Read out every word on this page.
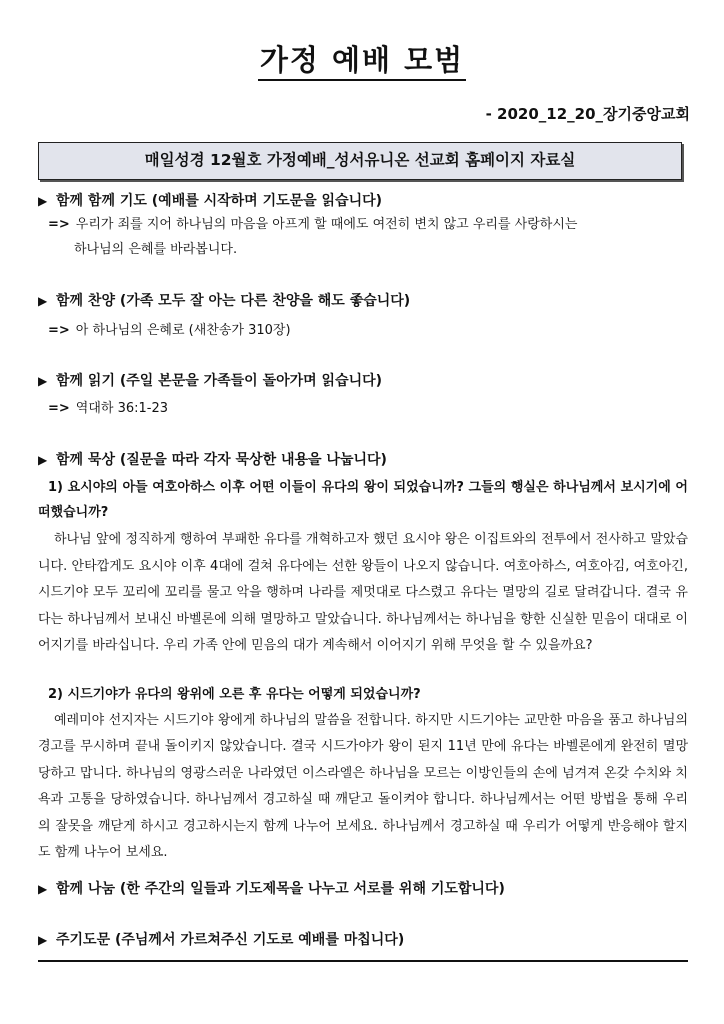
가정 예배 모범
- 2020_12_20_장기중앙교회
매일성경 12월호 가정예배_성서유니온 선교회 홈페이지 자료실
▶ 함께 함께 기도 (예배를 시작하며 기도문을 읽습니다)
=> 우리가 죄를 지어 하나님의 마음을 아프게 할 때에도 여전히 변치 않고 우리를 사랑하시는
하나님의 은혜를 바라봅니다.
▶ 함께 찬양 (가족 모두 잘 아는 다른 찬양을 해도 좋습니다)
=> 아 하나님의 은혜로 (새찬송가 310장)
▶ 함께 읽기 (주일 본문을 가족들이 돌아가며 읽습니다)
=> 역대하 36:1-23
▶ 함께 묵상 (질문을 따라 각자 묵상한 내용을 나눕니다)
1) 요시야의 아들 여호아하스 이후 어떤 이들이 유다의 왕이 되었습니까? 그들의 행실은 하나님께서 보시기에 어떠했습니까?
하나님 앞에 정직하게 행하여 부패한 유다를 개혁하고자 했던 요시야 왕은 이집트와의 전투에서 전사하고 말았습니다. 안타깝게도 요시야 이후 4대에 걸쳐 유다에는 선한 왕들이 나오지 않습니다. 여호아하스, 여호아김, 여호아긴, 시드기야 모두 꼬리에 꼬리를 물고 악을 행하며 나라를 제멋대로 다스렸고 유다는 멸망의 길로 달려갑니다. 결국 유다는 하나님께서 보내신 바벨론에 의해 멸망하고 말았습니다. 하나님께서는 하나님을 향한 신실한 믿음이 대대로 이어지기를 바라십니다. 우리 가족 안에 믿음의 대가 계속해서 이어지기 위해 무엇을 할 수 있을까요?
2) 시드기야가 유다의 왕위에 오른 후 유다는 어떻게 되었습니까?
예레미야 선지자는 시드기야 왕에게 하나님의 말씀을 전합니다. 하지만 시드기야는 교만한 마음을 품고 하나님의 경고를 무시하며 끝내 돌이키지 않았습니다. 결국 시드가야가 왕이 된지 11년 만에 유다는 바벨론에게 완전히 멸망당하고 맙니다. 하나님의 영광스러운 나라였던 이스라엘은 하나님을 모르는 이방인들의 손에 넘겨져 온갖 수치와 치욕과 고통을 당하였습니다. 하나님께서 경고하실 때 깨닫고 돌이켜야 합니다. 하나님께서는 어떤 방법을 통해 우리의 잘못을 깨닫게 하시고 경고하시는지 함께 나누어 보세요. 하나님께서 경고하실 때 우리가 어떻게 반응해야 할지도 함께 나누어 보세요.
▶ 함께 나눔 (한 주간의 일들과 기도제목을 나누고 서로를 위해 기도합니다)
▶ 주기도문 (주님께서 가르쳐주신 기도로 예배를 마칩니다)
